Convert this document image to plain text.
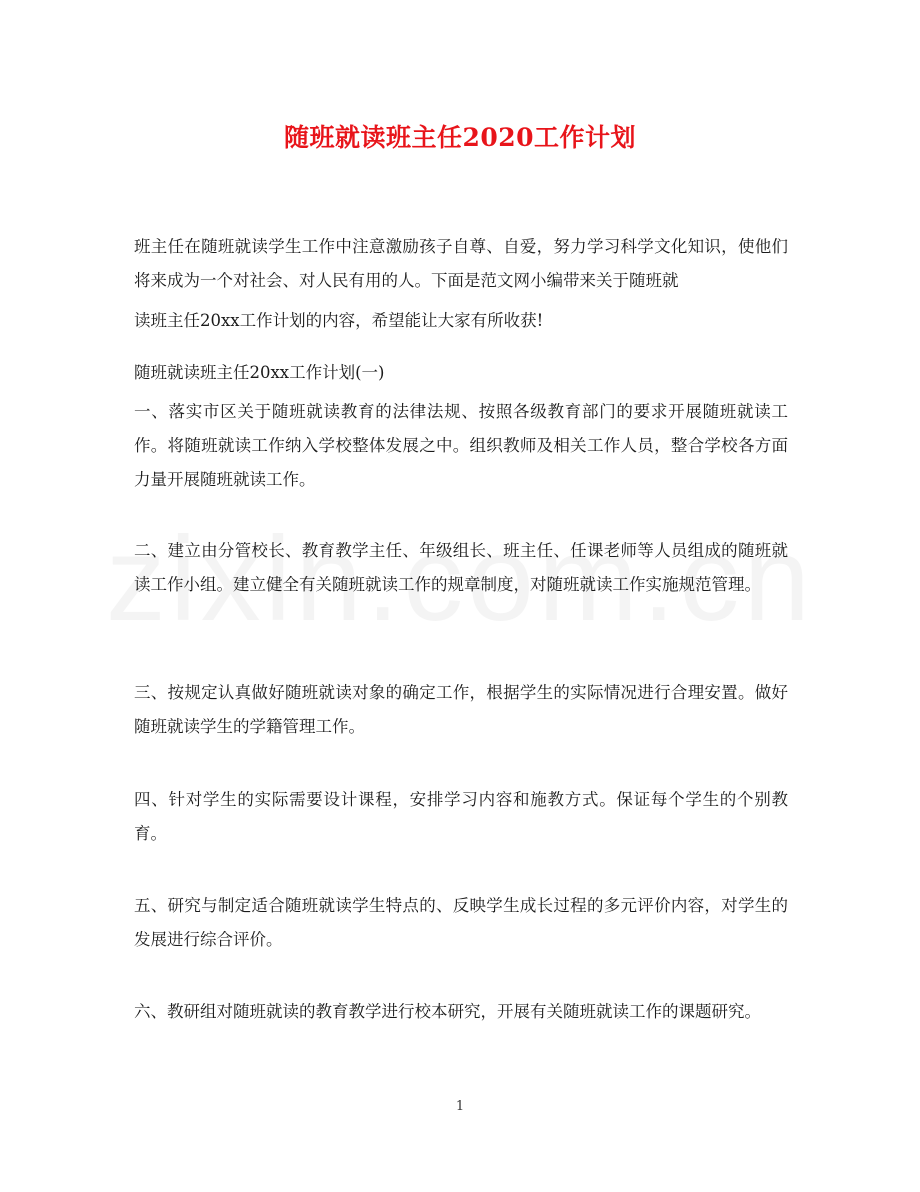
随班就读班主任2020工作计划
班主任在随班就读学生工作中注意激励孩子自尊、自爱，努力学习科学文化知识，使他们将来成为一个对社会、对人民有用的人。下面是范文网小编带来关于随班就
读班主任20xx工作计划的内容，希望能让大家有所收获!
随班就读班主任20xx工作计划(一)
一、落实市区关于随班就读教育的法律法规、按照各级教育部门的要求开展随班就读工作。将随班就读工作纳入学校整体发展之中。组织教师及相关工作人员，整合学校各方面力量开展随班就读工作。
二、建立由分管校长、教育教学主任、年级组长、班主任、任课老师等人员组成的随班就读工作小组。建立健全有关随班就读工作的规章制度，对随班就读工作实施规范管理。
三、按规定认真做好随班就读对象的确定工作，根据学生的实际情况进行合理安置。做好随班就读学生的学籍管理工作。
四、针对学生的实际需要设计课程，安排学习内容和施教方式。保证每个学生的个别教育。
五、研究与制定适合随班就读学生特点的、反映学生成长过程的多元评价内容，对学生的发展进行综合评价。
六、教研组对随班就读的教育教学进行校本研究，开展有关随班就读工作的课题研究。
1
